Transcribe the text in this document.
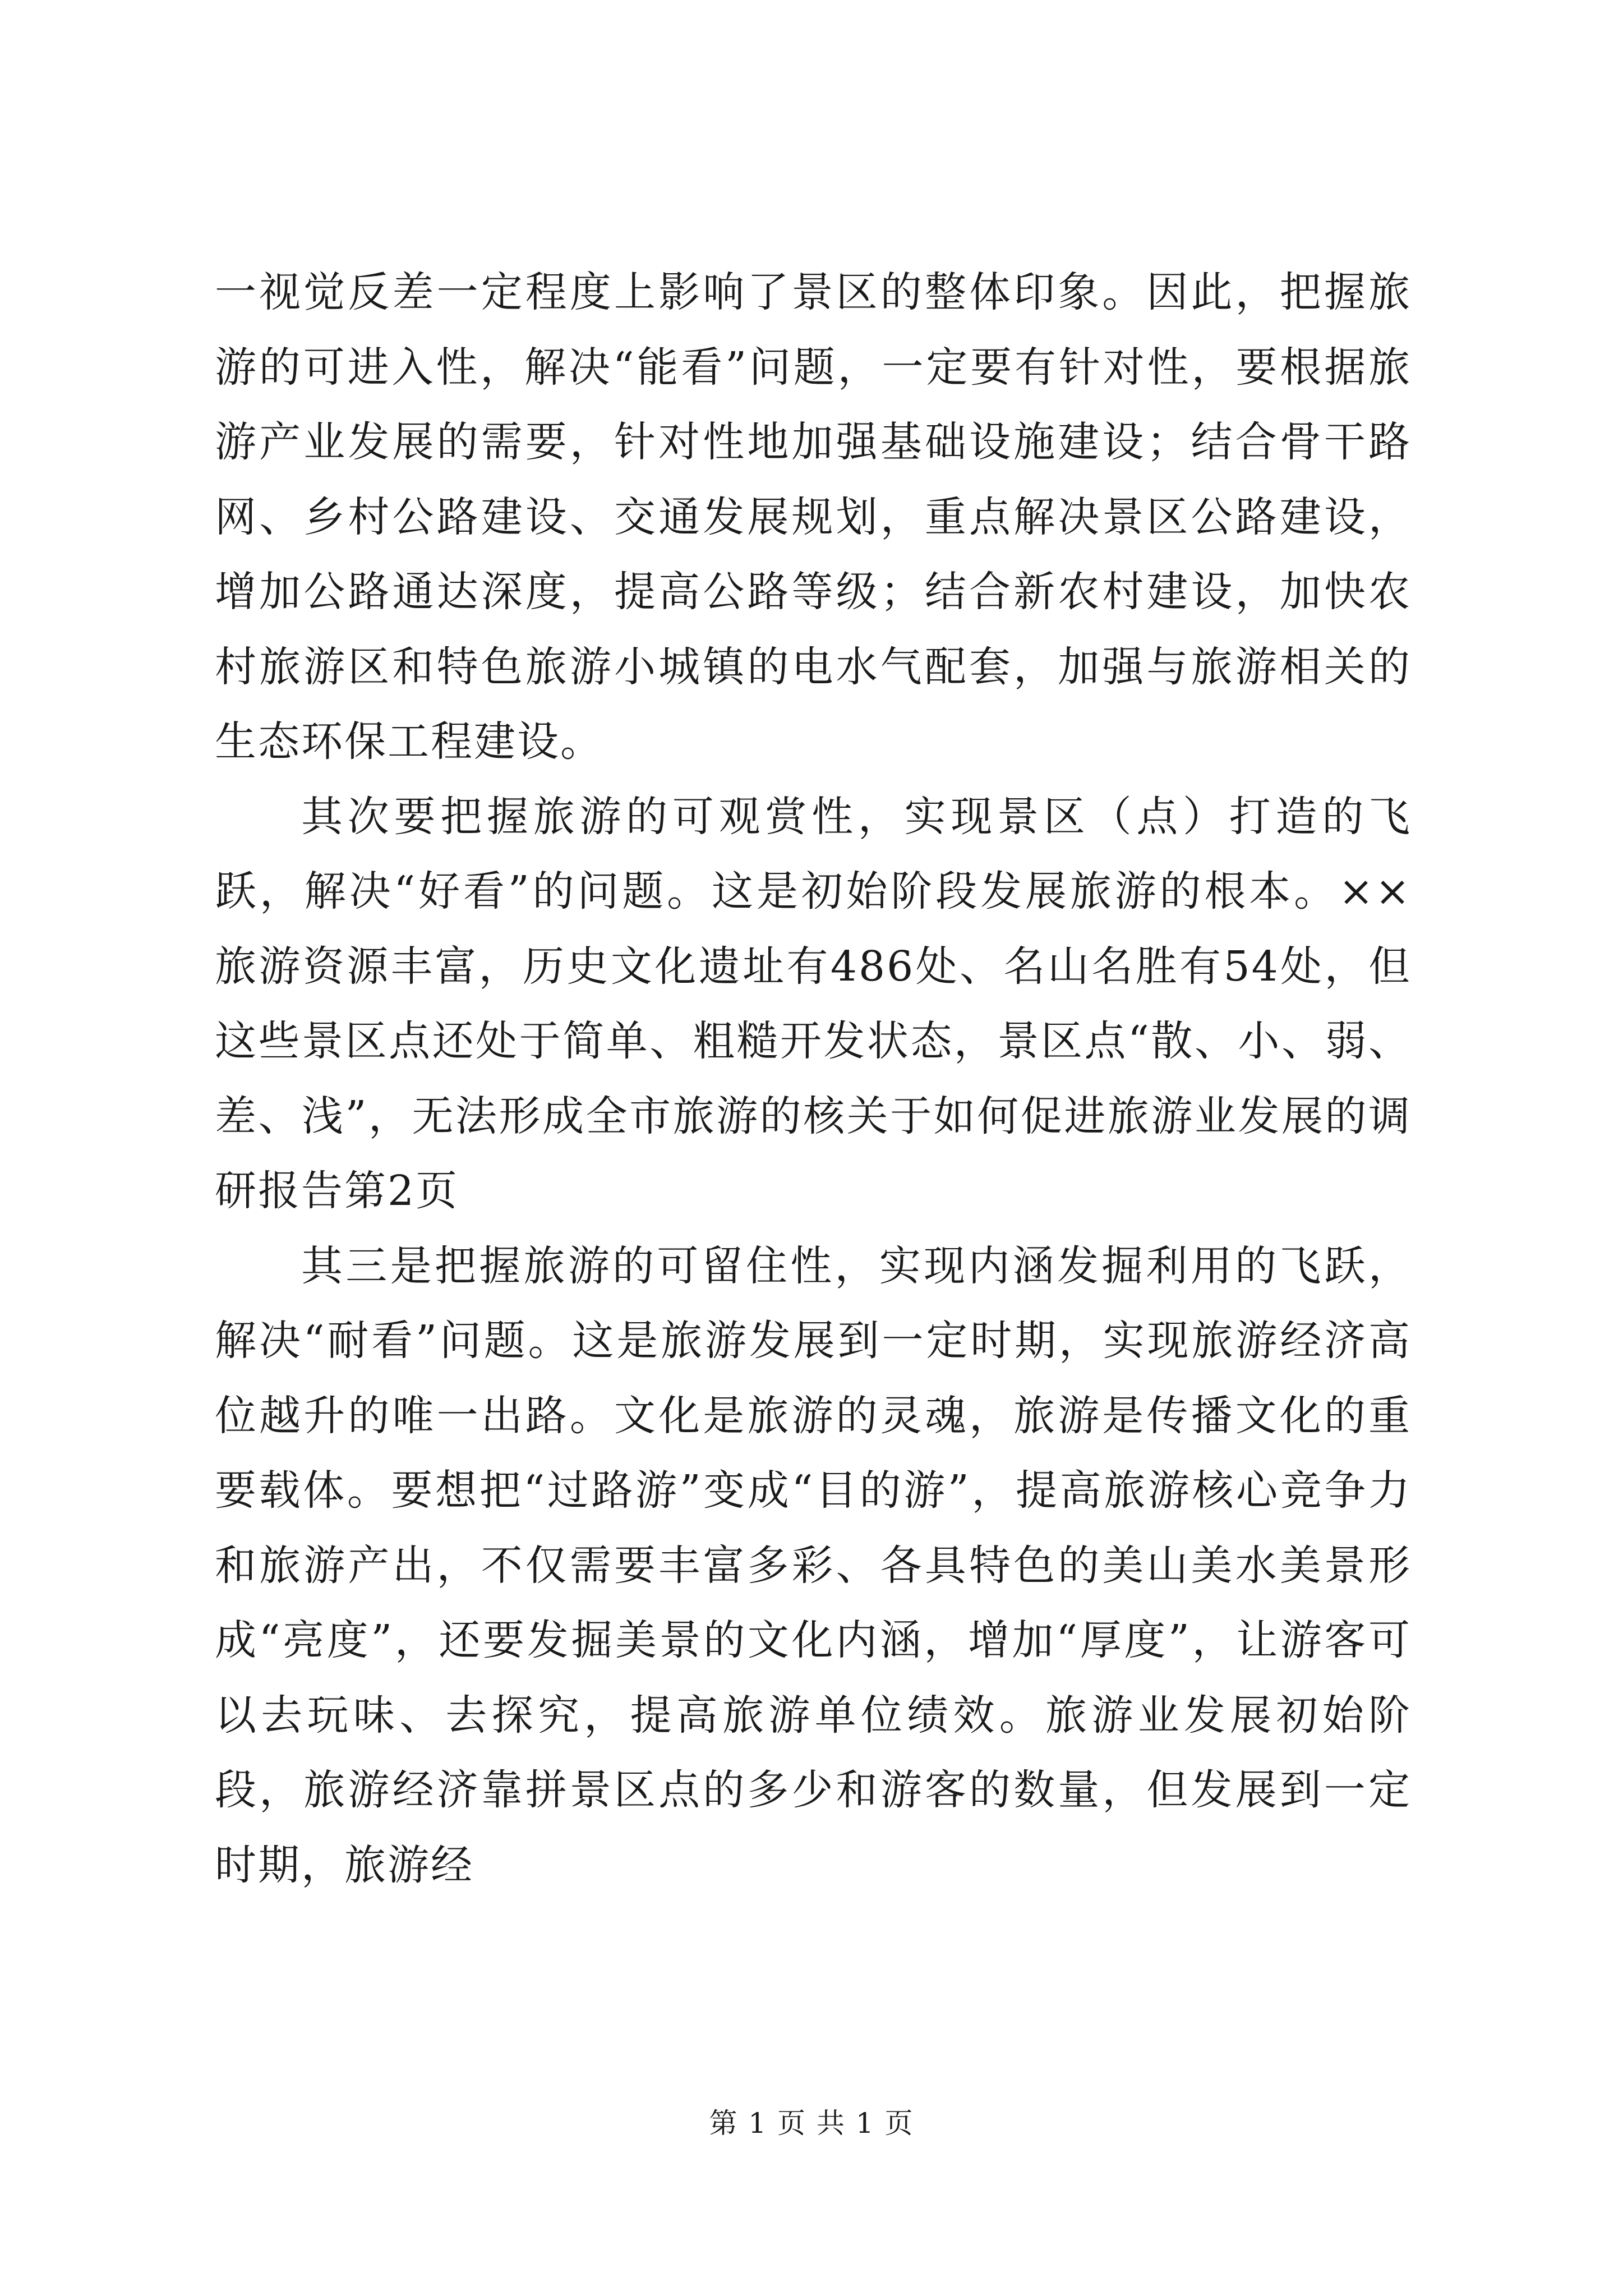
一视觉反差一定程度上影响了景区的整体印象。因此，把握旅游的可进入性，解决“能看”问题，一定要有针对性，要根据旅游产业发展的需要，针对性地加强基础设施建设；结合骨干路网、乡村公路建设、交通发展规划，重点解决景区公路建设，增加公路通达深度，提高公路等级；结合新农村建设，加快农村旅游区和特色旅游小城镇的电水气配套，加强与旅游相关的生态环保工程建设。

其次要把握旅游的可观赏性，实现景区（点）打造的飞跃，解决“好看”的问题。这是初始阶段发展旅游的根本。××旅游资源丰富，历史文化遗址有486处、名山名胜有54处，但这些景区点还处于简单、粗糙开发状态，景区点“散、小、弱、差、浅”，无法形成全市旅游的核关于如何促进旅游业发展的调研报告第2页

其三是把握旅游的可留住性，实现内涵发掘利用的飞跃，解决“耐看”问题。这是旅游发展到一定时期，实现旅游经济高位越升的唯一出路。文化是旅游的灵魂，旅游是传播文化的重要载体。要想把“过路游”变成“目的游”，提高旅游核心竞争力和旅游产出，不仅需要丰富多彩、各具特色的美山美水美景形成“亮度”，还要发掘美景的文化内涵，增加“厚度”，让游客可以去玩味、去探究，提高旅游单位绩效。旅游业发展初始阶段，旅游经济靠拼景区点的多少和游客的数量，但发展到一定时期，旅游经

第 1 页 共 1 页
